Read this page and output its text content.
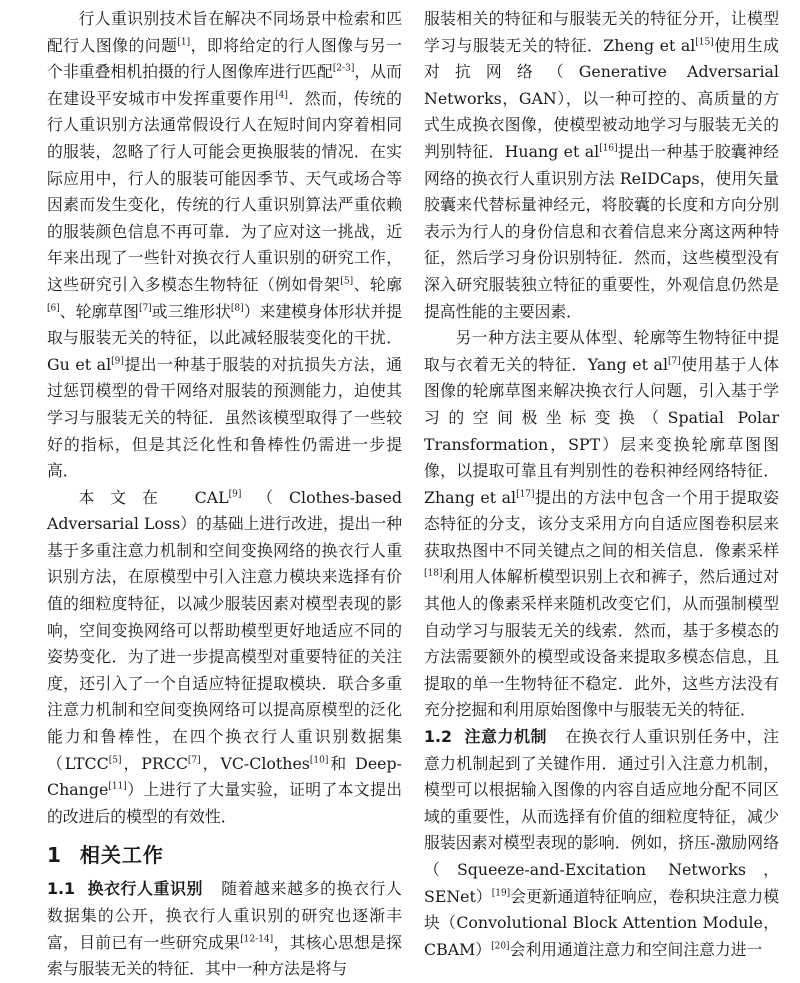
行人重识别技术旨在解决不同场景中检索和匹配行人图像的问题[1]，即将给定的行人图像与另一个非重叠相机拍摄的行人图像库进行匹配[2-3]，从而在建设平安城市中发挥重要作用[4]．然而，传统的行人重识别方法通常假设行人在短时间内穿着相同的服装，忽略了行人可能会更换服装的情况．在实际应用中，行人的服装可能因季节、天气或场合等因素而发生变化，传统的行人重识别算法严重依赖的服装颜色信息不再可靠．为了应对这一挑战，近年来出现了一些针对换衣行人重识别的研究工作，这些研究引入多模态生物特征（例如骨架[5]、轮廓[6]、轮廓草图[7]或三维形状[8]）来建模身体形状并提取与服装无关的特征，以此减轻服装变化的干扰．Gu et al[9]提出一种基于服装的对抗损失方法，通过惩罚模型的骨干网络对服装的预测能力，迫使其学习与服装无关的特征．虽然该模型取得了一些较好的指标，但是其泛化性和鲁棒性仍需进一步提高．

本文在 CAL[9]（Clothes-based Adversarial Loss）的基础上进行改进，提出一种基于多重注意力机制和空间变换网络的换衣行人重识别方法，在原模型中引入注意力模块来选择有价值的细粒度特征，以减少服装因素对模型表现的影响，空间变换网络可以帮助模型更好地适应不同的姿势变化．为了进一步提高模型对重要特征的关注度，还引入了一个自适应特征提取模块．联合多重注意力机制和空间变换网络可以提高原模型的泛化能力和鲁棒性，在四个换衣行人重识别数据集（LTCC[5]，PRCC[7]，VC-Clothes[10]和 Deep-Change[11]）上进行了大量实验，证明了本文提出的改进后的模型的有效性．

1 相关工作

1.1 换衣行人重识别 随着越来越多的换衣行人数据集的公开，换衣行人重识别的研究也逐渐丰富，目前已有一些研究成果[12-14]，其核心思想是探索与服装无关的特征．其中一种方法是将与

服装相关的特征和与服装无关的特征分开，让模型学习与服装无关的特征．Zheng et al[15]使用生成对抗网络（Generative Adversarial Networks，GAN），以一种可控的、高质量的方式生成换衣图像，使模型被动地学习与服装无关的判别特征．Huang et al[16]提出一种基于胶囊神经网络的换衣行人重识别方法 ReIDCaps，使用矢量胶囊来代替标量神经元，将胶囊的长度和方向分别表示为行人的身份信息和衣着信息来分离这两种特征，然后学习身份识别特征．然而，这些模型没有深入研究服装独立特征的重要性，外观信息仍然是提高性能的主要因素．

另一种方法主要从体型、轮廓等生物特征中提取与衣着无关的特征．Yang et al[7]使用基于人体图像的轮廓草图来解决换衣行人问题，引入基于学习的空间极坐标变换（Spatial Polar Transformation，SPT）层来变换轮廓草图图像，以提取可靠且有判别性的卷积神经网络特征．Zhang et al[17]提出的方法中包含一个用于提取姿态特征的分支，该分支采用方向自适应图卷积层来获取热图中不同关键点之间的相关信息．像素采样[18]利用人体解析模型识别上衣和裤子，然后通过对其他人的像素采样来随机改变它们，从而强制模型自动学习与服装无关的线索．然而，基于多模态的方法需要额外的模型或设备来提取多模态信息，且提取的单一生物特征不稳定．此外，这些方法没有充分挖掘和利用原始图像中与服装无关的特征．

1.2 注意力机制 在换衣行人重识别任务中，注意力机制起到了关键作用．通过引入注意力机制，模型可以根据输入图像的内容自适应地分配不同区域的重要性，从而选择有价值的细粒度特征，减少服装因素对模型表现的影响．例如，挤压-激励网络（Squeeze-and-Excitation Networks，SENet）[19]会更新通道特征响应，卷积块注意力模块（Convolutional Block Attention Module，CBAM）[20]会利用通道注意力和空间注意力进一
